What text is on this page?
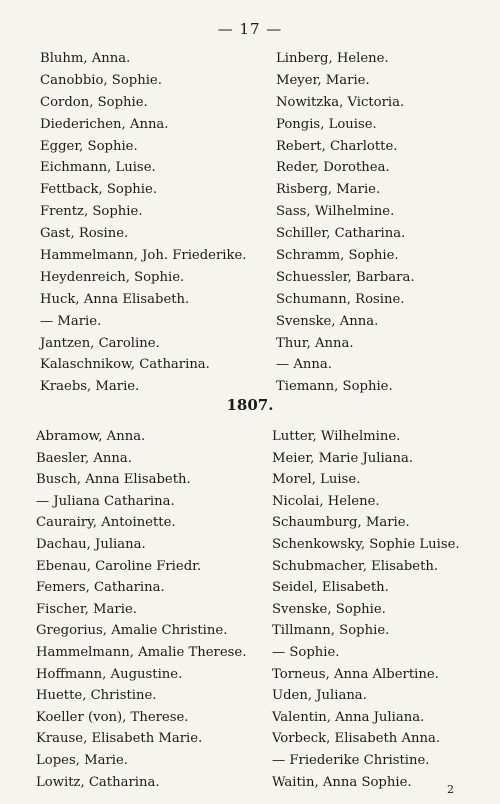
— 17 —
Bluhm, Anna.
Canobbio, Sophie.
Cordon, Sophie.
Diederichen, Anna.
Egger, Sophie.
Eichmann, Luise.
Fettback, Sophie.
Frentz, Sophie.
Gast, Rosine.
Hammelmann, Joh. Friederike.
Heydenreich, Sophie.
Huck, Anna Elisabeth.
— Marie.
Jantzen, Caroline.
Kalaschnikow, Catharina.
Kraebs, Marie.
Linberg, Helene.
Meyer, Marie.
Nowitzka, Victoria.
Pongis, Louise.
Rebert, Charlotte.
Reder, Dorothea.
Risberg, Marie.
Sass, Wilhelmine.
Schiller, Catharina.
Schramm, Sophie.
Schuessler, Barbara.
Schumann, Rosine.
Svenske, Anna.
Thur, Anna.
— Anna.
Tiemann, Sophie.
1807.
Abramow, Anna.
Baesler, Anna.
Busch, Anna Elisabeth.
— Juliana Catharina.
Caurairy, Antoinette.
Dachau, Juliana.
Ebenau, Caroline Friedr.
Femers, Catharina.
Fischer, Marie.
Gregorius, Amalie Christine.
Hammelmann, Amalie Therese.
Hoffmann, Augustine.
Huette, Christine.
Koeller (von), Therese.
Krause, Elisabeth Marie.
Lopes, Marie.
Lowitz, Catharina.
Lutter, Wilhelmine.
Meier, Marie Juliana.
Morel, Luise.
Nicolai, Helene.
Schaumburg, Marie.
Schenkowsky, Sophie Luise.
Schubmacher, Elisabeth.
Seidel, Elisabeth.
Svenske, Sophie.
Tillmann, Sophie.
— Sophie.
Torneus, Anna Albertine.
Uden, Juliana.
Valentin, Anna Juliana.
Vorbeck, Elisabeth Anna.
— Friederike Christine.
Waitin, Anna Sophie.	2
